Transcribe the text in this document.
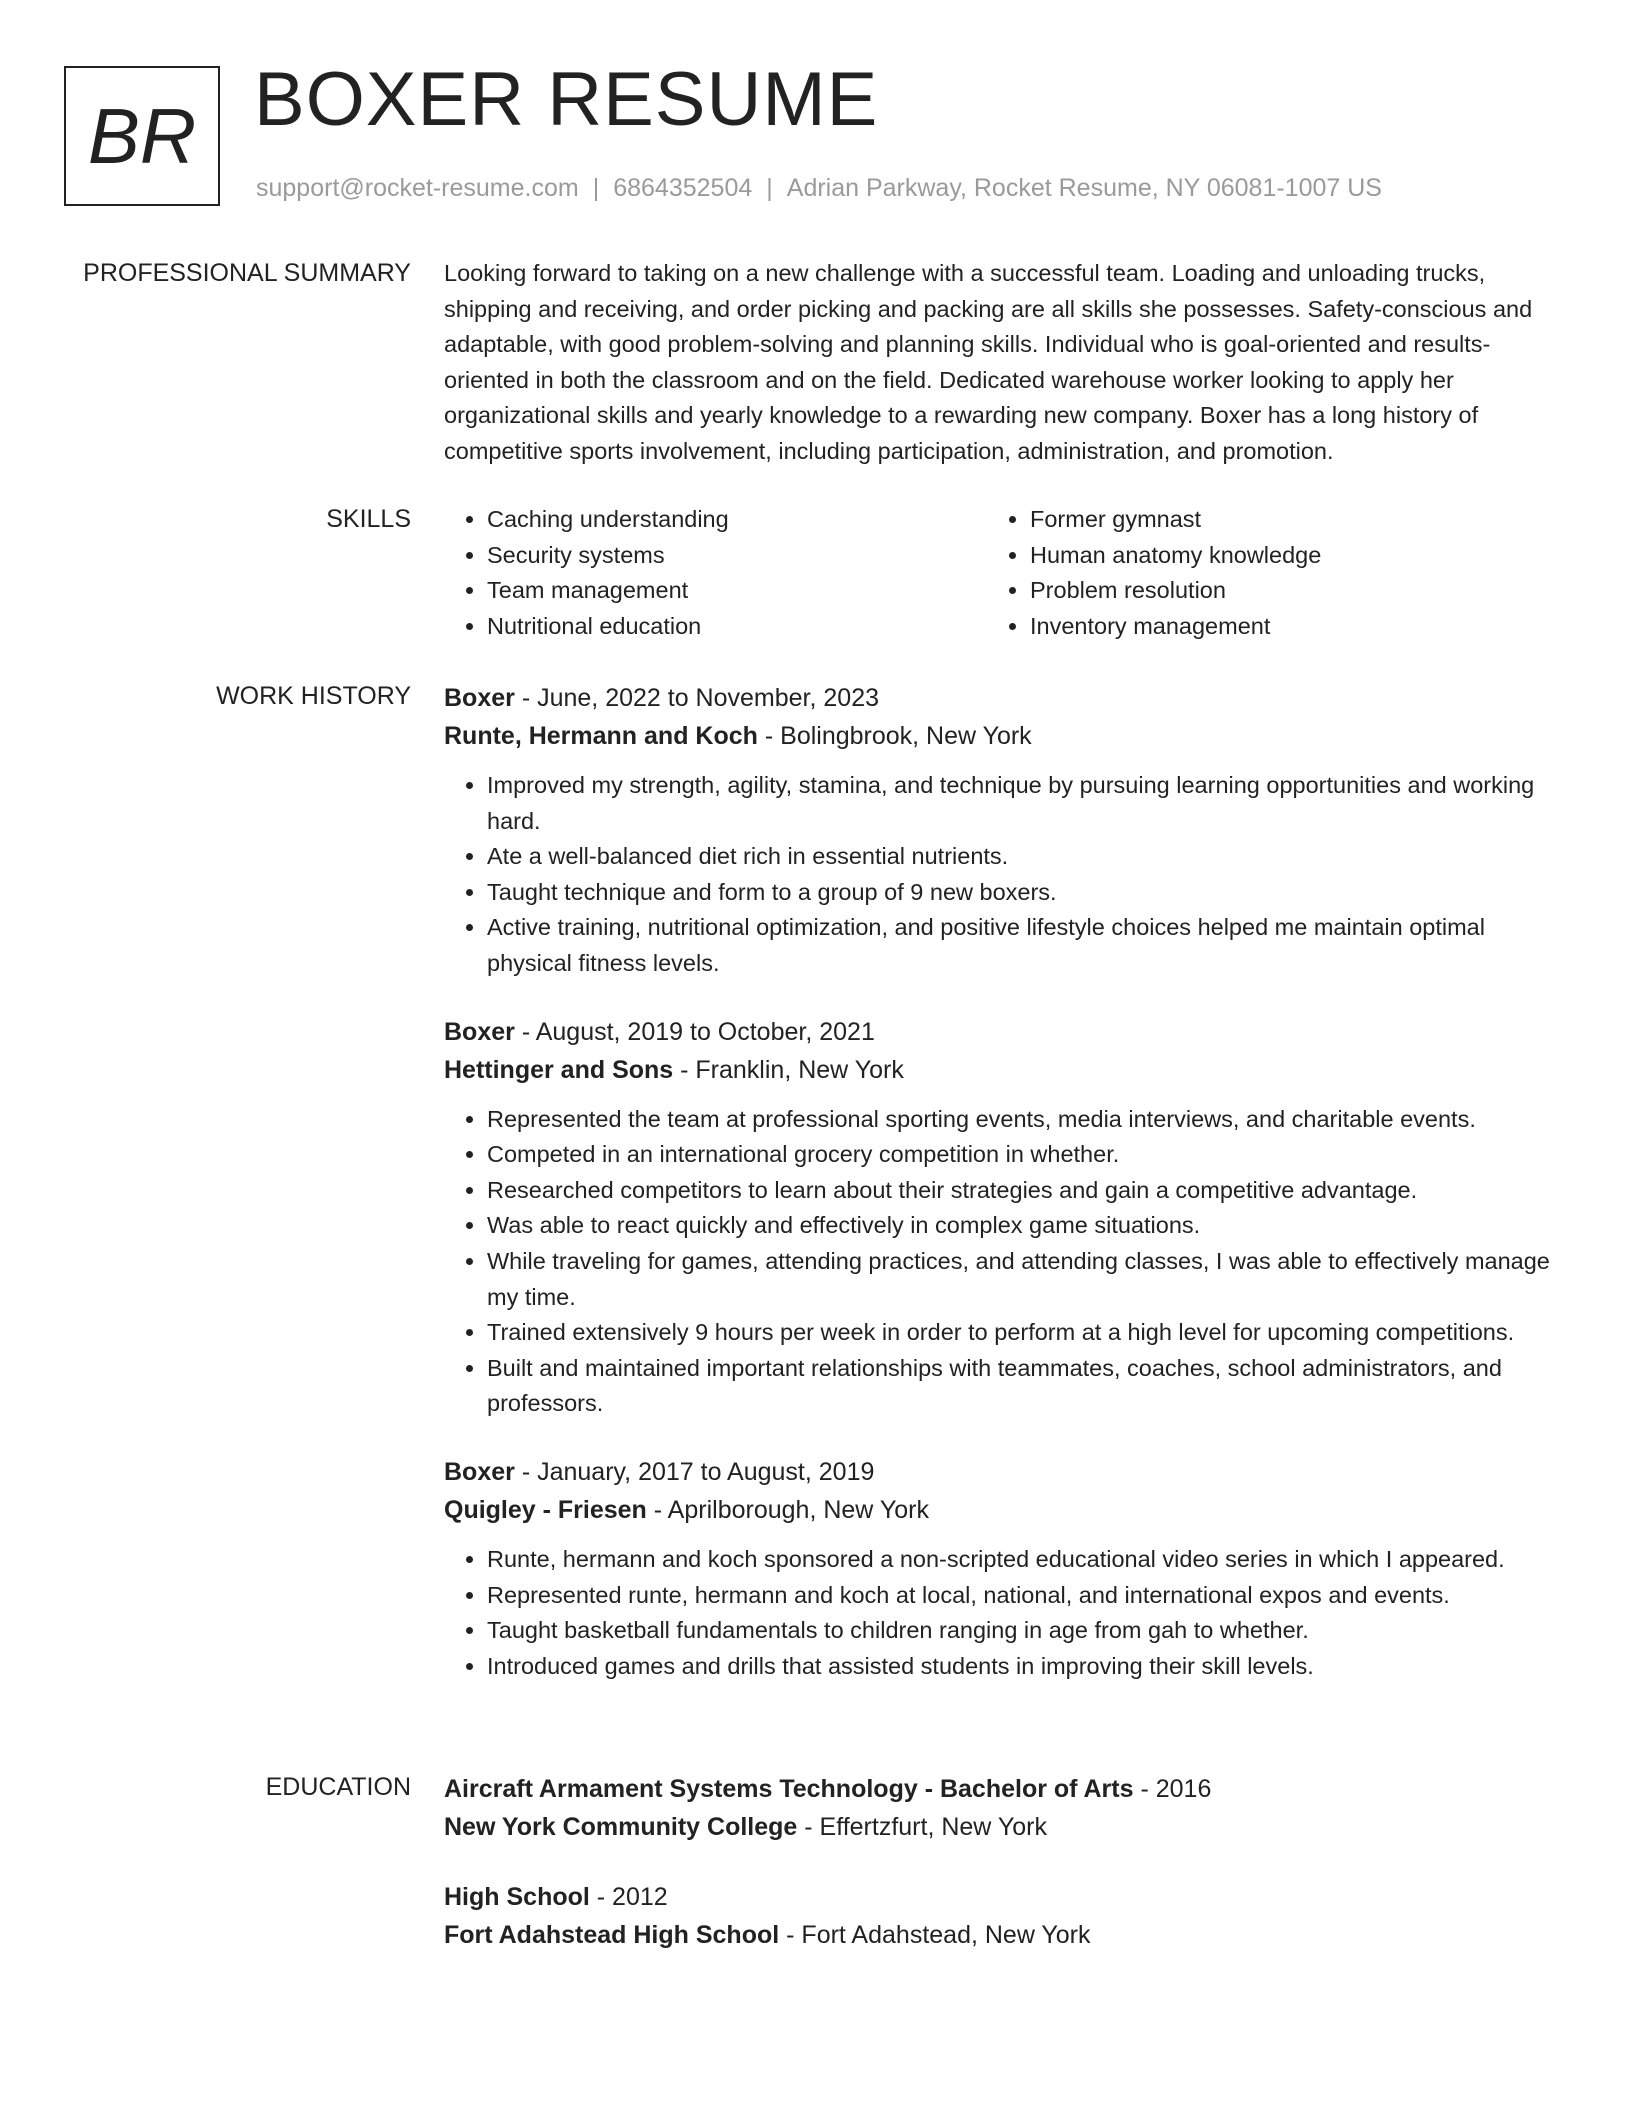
BR BOXER RESUME
support@rocket-resume.com | 6864352504 | Adrian Parkway, Rocket Resume, NY 06081-1007 US
PROFESSIONAL SUMMARY Looking forward to taking on a new challenge with a successful team. Loading and unloading trucks, shipping and receiving, and order picking and packing are all skills she possesses. Safety-conscious and adaptable, with good problem-solving and planning skills. Individual who is goal-oriented and results-oriented in both the classroom and on the field. Dedicated warehouse worker looking to apply her organizational skills and yearly knowledge to a rewarding new company. Boxer has a long history of competitive sports involvement, including participation, administration, and promotion.

SKILLS
•	Caching understanding
• Security systems
• Team management
• Nutritional education
• Former gymnast
• Human anatomy knowledge
• Problem resolution
• Inventory management
WORK HISTORY Boxer - June, 2022 to November, 2023
Runte, Hermann and Koch - Bolingbrook, New York
• Improved my strength, agility, stamina, and technique by pursuing learning opportunities and working hard.
• Ate a well-balanced diet rich in essential nutrients.
• Taught technique and form to a group of 9 new boxers.
• Active training, nutritional optimization, and positive lifestyle choices helped me maintain optimal physical fitness levels.
Boxer - August, 2019 to October, 2021
Hettinger and Sons - Franklin, New York
• Represented the team at professional sporting events, media interviews, and charitable events.
• Competed in an international grocery competition in whether.
• Researched competitors to learn about their strategies and gain a competitive advantage.
• Was able to react quickly and effectively in complex game situations.
• While traveling for games, attending practices, and attending classes, I was able to effectively manage my time.
• Trained extensively 9 hours per week in order to perform at a high level for upcoming competitions.
• Built and maintained important relationships with teammates, coaches, school administrators, and professors.
Boxer - January, 2017 to August, 2019
Quigley - Friesen - Aprilborough, New York
• Runte, hermann and koch sponsored a non-scripted educational video series in which I appeared.
• Represented runte, hermann and koch at local, national, and international expos and events.
• Taught basketball fundamentals to children ranging in age from gah to whether.
• Introduced games and drills that assisted students in improving their skill levels.
EDUCATION Aircraft Armament Systems Technology - Bachelor of Arts - 2016
New York Community College - Effertzfurt, New York
High School - 2012
Fort Adahstead High School - Fort Adahstead, New York
